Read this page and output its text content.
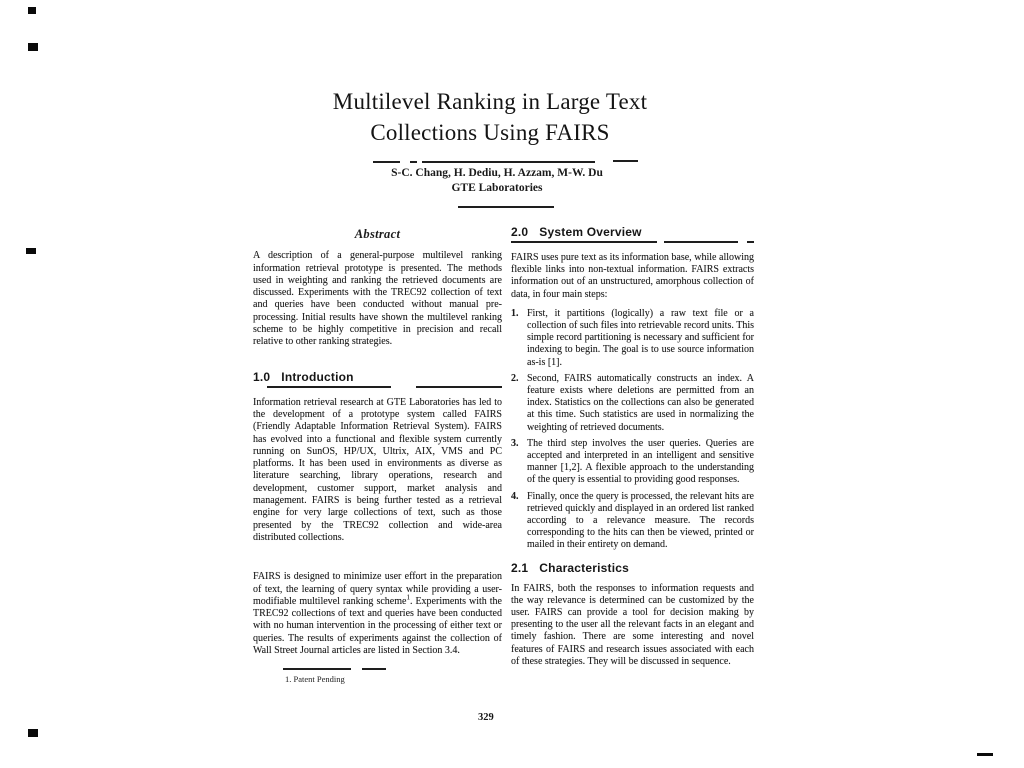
Multilevel Ranking in Large Text
Collections Using FAIRS
S-C. Chang, H. Dediu, H. Azzam, M-W. Du
GTE Laboratories
Abstract

A description of a general-purpose multilevel ranking information retrieval prototype is presented. The methods used in weighting and ranking the retrieved documents are discussed. Experiments with the TREC92 collection of text and queries have been conducted without manual pre-processing. Initial results have shown the multilevel ranking scheme to be highly competitive in precision and recall relative to other ranking strategies.

1.0 Introduction

Information retrieval research at GTE Laboratories has led to the development of a prototype system called FAIRS (Friendly Adaptable Information Retrieval System). FAIRS has evolved into a functional and flexible system currently running on SunOS, HP/UX, Ultrix, AIX, VMS and PC platforms. It has been used in environments as diverse as literature searching, library operations, research and development, customer support, market analysis and management. FAIRS is being further tested as a retrieval engine for very large collections of text, such as those presented by the TREC92 collection and wide-area distributed collections.

FAIRS is designed to minimize user effort in the preparation of text, the learning of query syntax while providing a user-modifiable multilevel ranking scheme$^1$. Experiments with the TREC92 collections of text and queries have been conducted with no human intervention in the processing of either text or queries. The results of experiments against the collection of Wall Street Journal articles are listed in Section 3.4.

2.0 System Overview

FAIRS uses pure text as its information base, while allowing flexible links into non-textual information. FAIRS extracts information out of an unstructured, amorphous collection of data, in four main steps:

1. First, it partitions (logically) a raw text file or a collection of such files into retrievable record units. This simple record partitioning is necessary and sufficient for indexing to begin. The goal is to use source information as-is [1].
2. Second, FAIRS automatically constructs an index. A feature exists where deletions are permitted from an index. Statistics on the collections can also be generated at this time. Such statistics are used in normalizing the weighting of retrieved documents.
3. The third step involves the user queries. Queries are accepted and interpreted in an intelligent and sensitive manner [1,2]. A flexible approach to the understanding of the query is essential to providing good responses.
4. Finally, once the query is processed, the relevant hits are retrieved quickly and displayed in an ordered list ranked according to a relevance measure. The records corresponding to the hits can then be viewed, printed or mailed in their entirety on demand.
2.1 Characteristics

In FAIRS, both the responses to information requests and the way relevance is determined can be customized by the user. FAIRS can provide a tool for decision making by presenting to the user all the relevant facts in an elegant and timely fashion. There are some interesting and novel features of FAIRS and research issues associated with each of these strategies. They will be discussed in sequence.

1. Patent Pending
329
